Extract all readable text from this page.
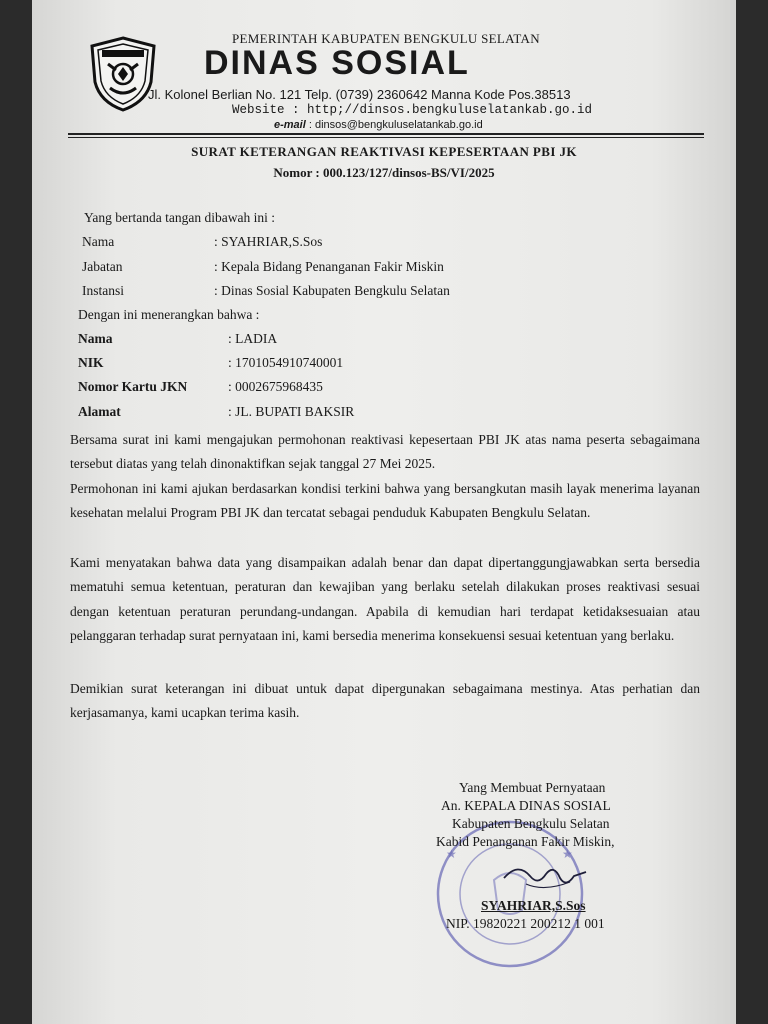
PEMERINTAH KABUPATEN BENGKULU SELATAN
DINAS SOSIAL
Jl. Kolonel Berlian No. 121 Telp. (0739) 2360642 Manna Kode Pos.38513
Website : http;//dinsos.bengkuluselatankab.go.id
e-mail : dinsos@bengkuluselatankab.go.id
SURAT KETERANGAN REAKTIVASI KEPESERTAAN PBI JK
Nomor : 000.123/127/dinsos-BS/VI/2025
Yang bertanda tangan dibawah ini :
Nama	: SYAHRIAR,S.Sos
Jabatan	: Kepala Bidang Penanganan Fakir Miskin
Instansi	: Dinas Sosial Kabupaten Bengkulu Selatan
Dengan ini menerangkan bahwa :
Nama	: LADIA
NIK	: 1701054910740001
Nomor Kartu JKN	: 0002675968435
Alamat	: JL. BUPATI BAKSIR
Bersama surat ini kami mengajukan permohonan reaktivasi kepesertaan PBI JK atas nama peserta sebagaimana tersebut diatas yang telah dinonaktifkan sejak tanggal 27 Mei 2025.
Permohonan ini kami ajukan berdasarkan kondisi terkini bahwa yang bersangkutan masih layak menerima layanan kesehatan melalui Program PBI JK dan tercatat sebagai penduduk Kabupaten Bengkulu Selatan.
Kami menyatakan bahwa data yang disampaikan adalah benar dan dapat dipertanggungjawabkan serta bersedia mematuhi semua ketentuan, peraturan dan kewajiban yang berlaku setelah dilakukan proses reaktivasi sesuai dengan ketentuan peraturan perundang-undangan. Apabila di kemudian hari terdapat ketidaksesuaian atau pelanggaran terhadap surat pernyataan ini, kami bersedia menerima konsekuensi sesuai ketentuan yang berlaku.
Demikian surat keterangan ini dibuat untuk dapat dipergunakan sebagaimana mestinya. Atas perhatian dan kerjasamanya, kami ucapkan terima kasih.
★	★
Yang Membuat Pernyataan
An. KEPALA DINAS SOSIAL
Kabupaten Bengkulu Selatan
Kabid Penanganan Fakir Miskin,
SYAHRIAR,S.Sos
NIP. 19820221 200212 1 001
